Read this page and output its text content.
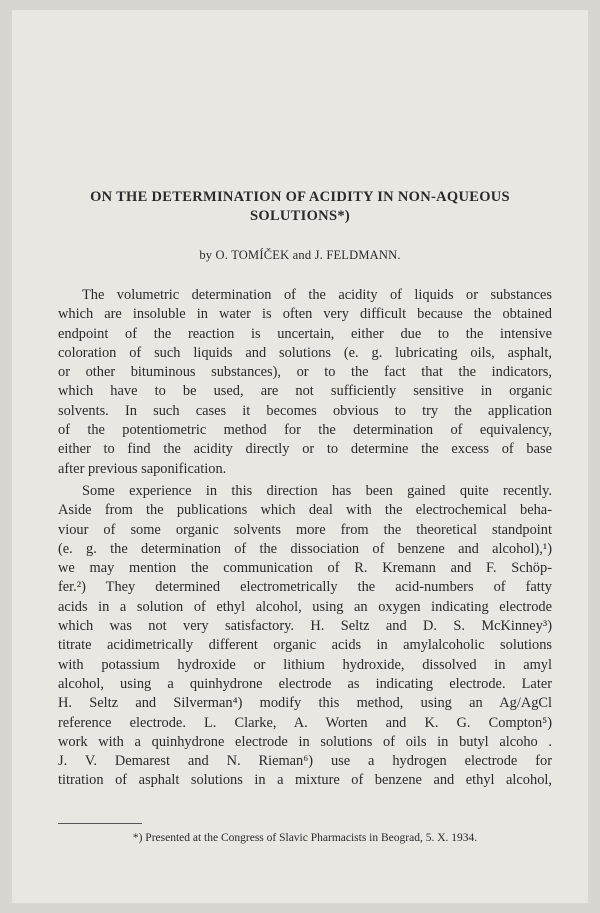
ON THE DETERMINATION OF ACIDITY IN NON-AQUEOUS
SOLUTIONS*)
by O. TOMÍČEK and J. FELDMANN.
The volumetric determination of the acidity of liquids or substances
which are insoluble in water is often very difficult because the obtained
endpoint of the reaction is uncertain, either due to the intensive
coloration of such liquids and solutions (e. g. lubricating oils, asphalt,
or other bituminous substances), or to the fact that the indicators,
which have to be used, are not sufficiently sensitive in organic
solvents. In such cases it becomes obvious to try the application
of the potentiometric method for the determination of equivalency,
either to find the acidity directly or to determine the excess of base
after previous saponification.
Some experience in this direction has been gained quite recently.
Aside from the publications which deal with the electrochemical beha-
viour of some organic solvents more from the theoretical standpoint
(e. g. the determination of the dissociation of benzene and alcohol),¹)
we may mention the communication of R. Kremann and F. Schöp-
fer.²) They determined electrometrically the acid-numbers of fatty
acids in a solution of ethyl alcohol, using an oxygen indicating electrode
which was not very satisfactory. H. Seltz and D. S. McKinney³)
titrate acidimetrically different organic acids in amylalcoholic solutions
with potassium hydroxide or lithium hydroxide, dissolved in amyl
alcohol, using a quinhydrone electrode as indicating electrode. Later
H. Seltz and Silverman⁴) modify this method, using an Ag/AgCl
reference electrode. L. Clarke, A. Worten and K. G. Compton⁵)
work with a quinhydrone electrode in solutions of oils in butyl alcoho .
J. V. Demarest and N. Rieman⁶) use a hydrogen electrode for
titration of asphalt solutions in a mixture of benzene and ethyl alcohol,
*) Presented at the Congress of Slavic Pharmacists in Beograd, 5. X. 1934.
